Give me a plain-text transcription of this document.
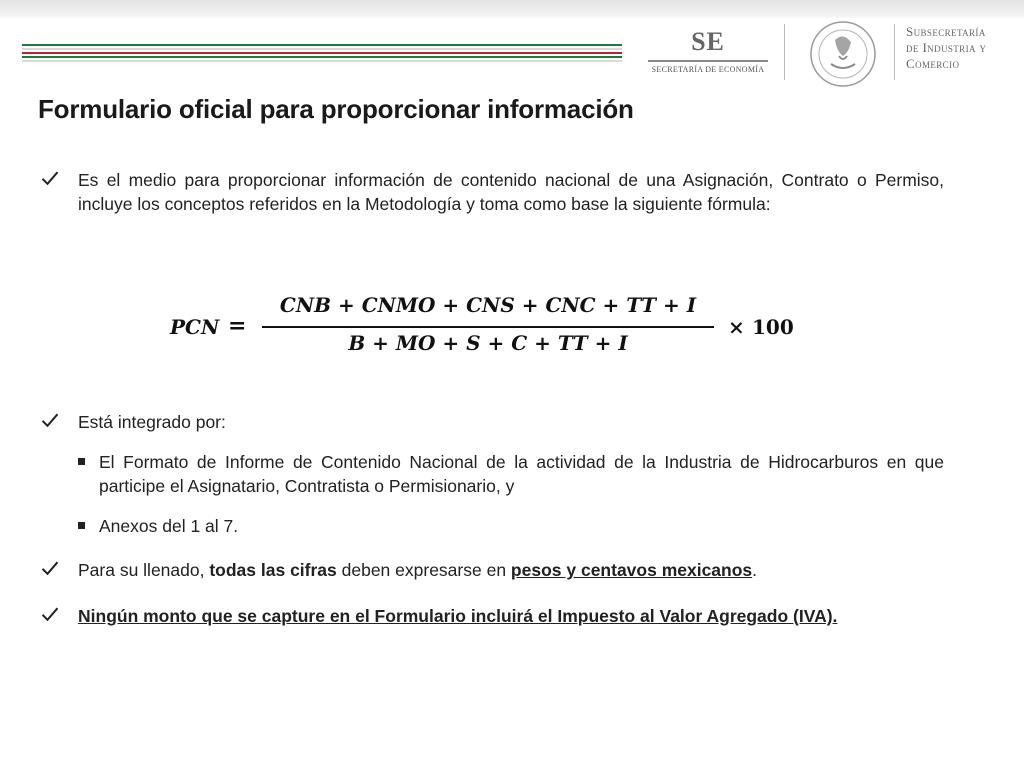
SE
SECRETARÍA DE ECONOMÍA
Subsecretaría
de Industria y
Comercio
Formulario oficial para proporcionar información
Es el medio para proporcionar información de contenido nacional de una Asignación, Contrato o Permiso, incluye los conceptos referidos en la Metodología y toma como base la siguiente fórmula:
𝑷𝑪𝑵 =
𝑪𝑵𝑩 + 𝑪𝑵𝑴𝑶 + 𝑪𝑵𝑺 + 𝑪𝑵𝑪 + 𝑻𝑻 + 𝑰
𝑩 + 𝑴𝑶 + 𝑺 + 𝑪 + 𝑻𝑻 + 𝑰
× 𝟏𝟎𝟎
Está integrado por:
El Formato de Informe de Contenido Nacional de la actividad de la Industria de Hidrocarburos en que participe el Asignatario, Contratista o Permisionario, y
Anexos del 1 al 7.
Para su llenado, todas las cifras deben expresarse en pesos y centavos mexicanos.
Ningún monto que se capture en el Formulario incluirá el Impuesto al Valor Agregado (IVA).
